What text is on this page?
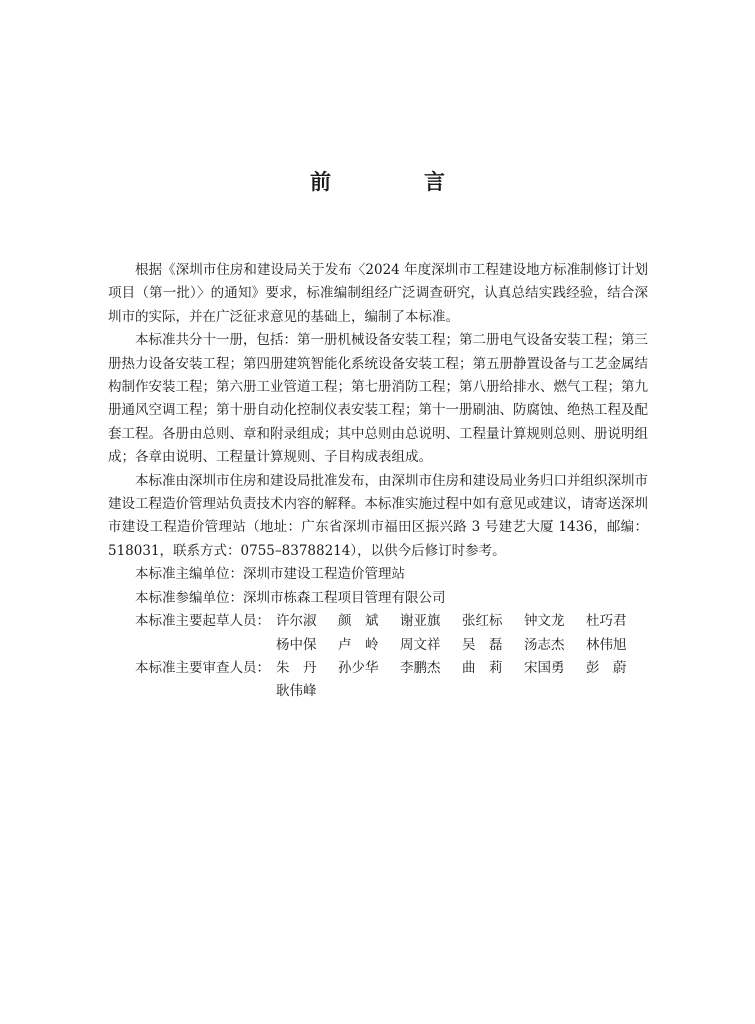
前　言

根据《深圳市住房和建设局关于发布〈2024 年度深圳市工程建设地方标准制修订计划项目（第一批）〉的通知》要求，标准编制组经广泛调查研究，认真总结实践经验，结合深圳市的实际，并在广泛征求意见的基础上，编制了本标准。

本标准共分十一册，包括：第一册机械设备安装工程；第二册电气设备安装工程；第三册热力设备安装工程；第四册建筑智能化系统设备安装工程；第五册静置设备与工艺金属结构制作安装工程；第六册工业管道工程；第七册消防工程；第八册给排水、燃气工程；第九册通风空调工程；第十册自动化控制仪表安装工程；第十一册刷油、防腐蚀、绝热工程及配套工程。各册由总则、章和附录组成；其中总则由总说明、工程量计算规则总则、册说明组成；各章由说明、工程量计算规则、子目构成表组成。

本标准由深圳市住房和建设局批准发布，由深圳市住房和建设局业务归口并组织深圳市建设工程造价管理站负责技术内容的解释。本标准实施过程中如有意见或建议，请寄送深圳市建设工程造价管理站（地址：广东省深圳市福田区振兴路 3 号建艺大厦 1436，邮编：518031，联系方式：0755–83788214），以供今后修订时参考。

本标准主编单位：深圳市建设工程造价管理站

本标准参编单位：深圳市栋森工程项目管理有限公司

本标准主要起草人员： 许尔淑	颜　斌	谢亚旗	张红标	钟文龙	杜巧君
杨中保	卢　岭	周文祥	吴　磊	汤志杰	林伟旭
本标准主要审查人员： 朱　丹	孙少华	李鹏杰	曲　莉	宋国勇	彭　蔚
耿伟峰
